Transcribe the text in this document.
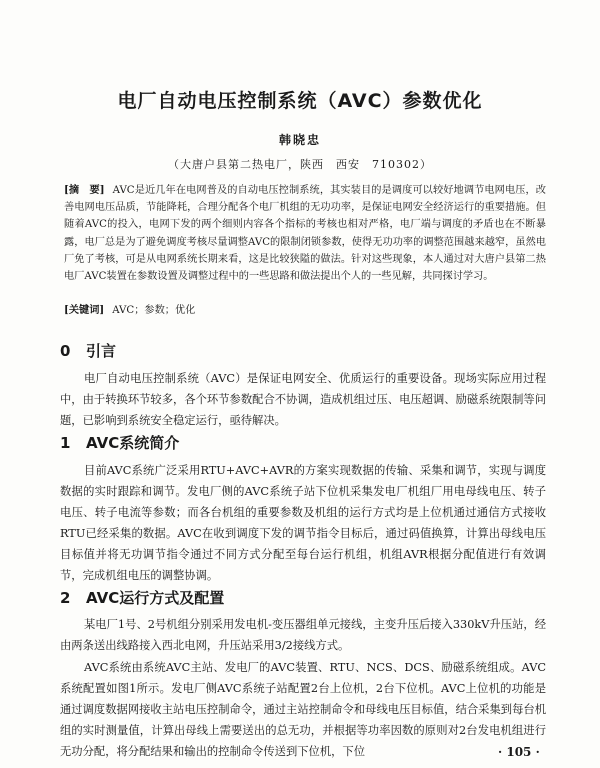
电厂自动电压控制系统（AVC）参数优化
韩晓忠
（大唐户县第二热电厂，陕西　西安　710302）
[摘　要] AVC是近几年在电网普及的自动电压控制系统，其实装目的是调度可以较好地调节电网电压，改善电网电压品质，节能降耗，合理分配各个电厂机组的无功功率，是保证电网安全经济运行的重要措施。但随着AVC的投入，电网下发的两个细则内容各个指标的考核也相对严格，电厂端与调度的矛盾也在不断暴露，电厂总是为了避免调度考核尽量调整AVC的限制闭锁参数，使得无功功率的调整范围越来越窄，虽然电厂免了考核，可是从电网系统长期来看，这是比较狭隘的做法。针对这些现象，本人通过对大唐户县第二热电厂AVC装置在参数设置及调整过程中的一些思路和做法提出个人的一些见解，共同探讨学习。
[关键词] AVC；参数；优化
0 引言
电厂自动电压控制系统（AVC）是保证电网安全、优质运行的重要设备。现场实际应用过程中，由于转换环节较多，各个环节参数配合不协调，造成机组过压、电压超调、励磁系统限制等问题，已影响到系统安全稳定运行，亟待解决。
1 AVC系统简介
目前AVC系统广泛采用RTU+AVC+AVR的方案实现数据的传输、采集和调节，实现与调度数据的实时跟踪和调节。发电厂侧的AVC系统子站下位机采集发电厂机组厂用电母线电压、转子电压、转子电流等参数；而各台机组的重要参数及机组的运行方式均是上位机通过通信方式接收RTU已经采集的数据。AVC在收到调度下发的调节指令目标后，通过码值换算，计算出母线电压目标值并将无功调节指令通过不同方式分配至每台运行机组，机组AVR根据分配值进行有效调节，完成机组电压的调整协调。
2 AVC运行方式及配置
某电厂1号、2号机组分别采用发电机-变压器组单元接线，主变升压后接入330kV升压站，经由两条送出线路接入西北电网，升压站采用3/2接线方式。
AVC系统由系统AVC主站、发电厂的AVC装置、RTU、NCS、DCS、励磁系统组成。AVC系统配置如图1所示。发电厂侧AVC系统子站配置2台上位机，2台下位机。AVC上位机的功能是通过调度数据网接收主站电压控制命令，通过主站控制命令和母线电压目标值，结合采集到每台机组的实时测量值，计算出母线上需要送出的总无功，并根据等功率因数的原则对2台发电机组进行无功分配，将分配结果和输出的控制命令传送到下位机，下位	· 105 ·
